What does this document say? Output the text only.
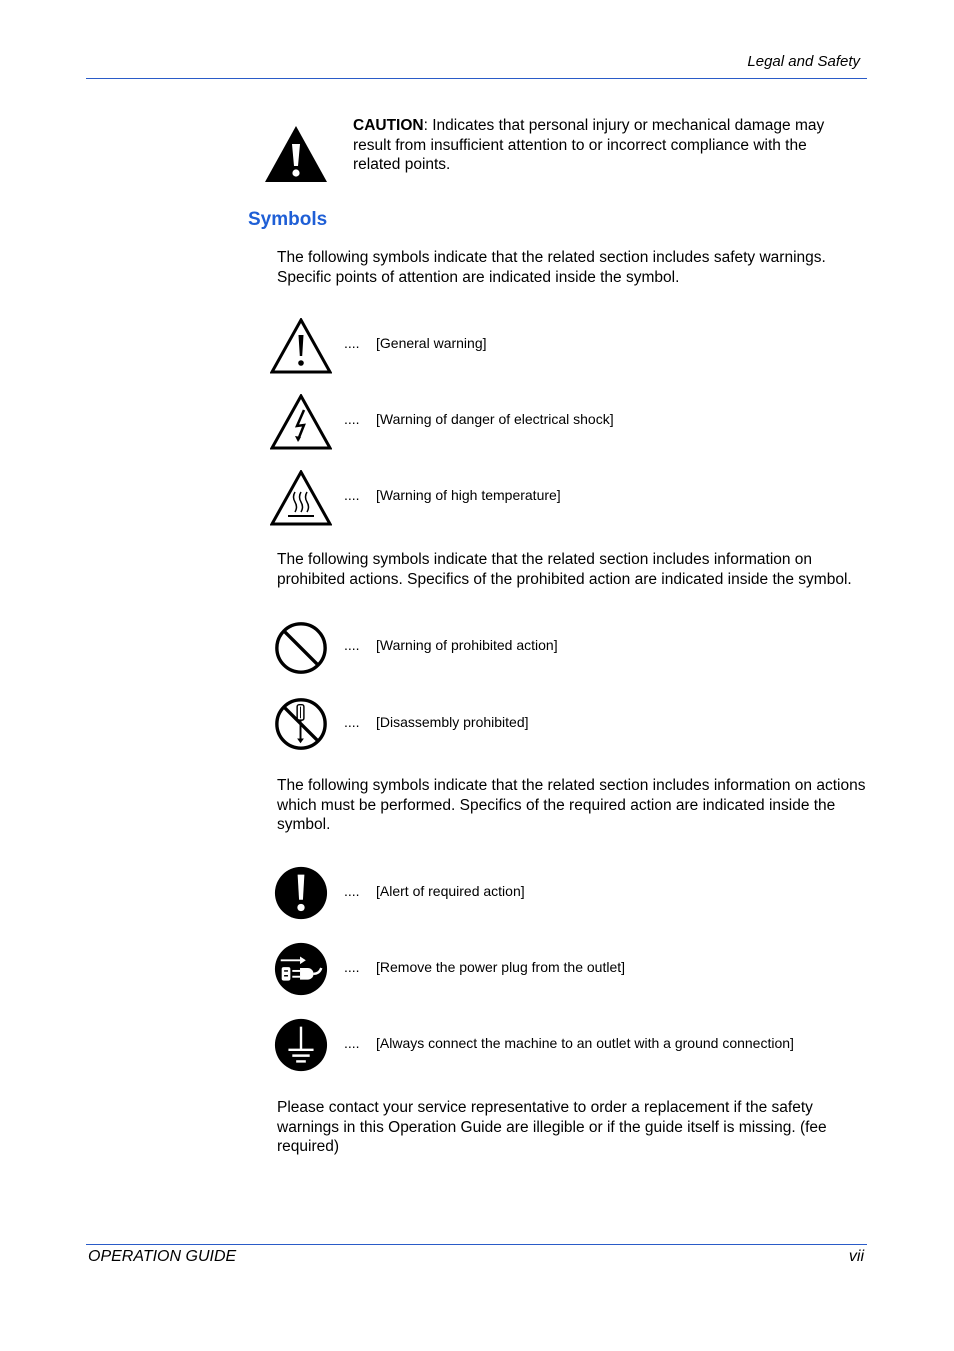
Legal and Safety
CAUTION: Indicates that personal injury or mechanical damage may result from insufficient attention to or incorrect compliance with the related points.
Symbols
The following symbols indicate that the related section includes safety warnings. Specific points of attention are indicated inside the symbol.
.... [General warning]
.... [Warning of danger of electrical shock]
.... [Warning of high temperature]
The following symbols indicate that the related section includes information on prohibited actions. Specifics of the prohibited action are indicated inside the symbol.
.... [Warning of prohibited action]
.... [Disassembly prohibited]
The following symbols indicate that the related section includes information on actions which must be performed. Specifics of the required action are indicated inside the symbol.
.... [Alert of required action]
.... [Remove the power plug from the outlet]
.... [Always connect the machine to an outlet with a ground connection]
Please contact your service representative to order a replacement if the safety warnings in this Operation Guide are illegible or if the guide itself is missing. (fee required)
OPERATION GUIDE	vii
